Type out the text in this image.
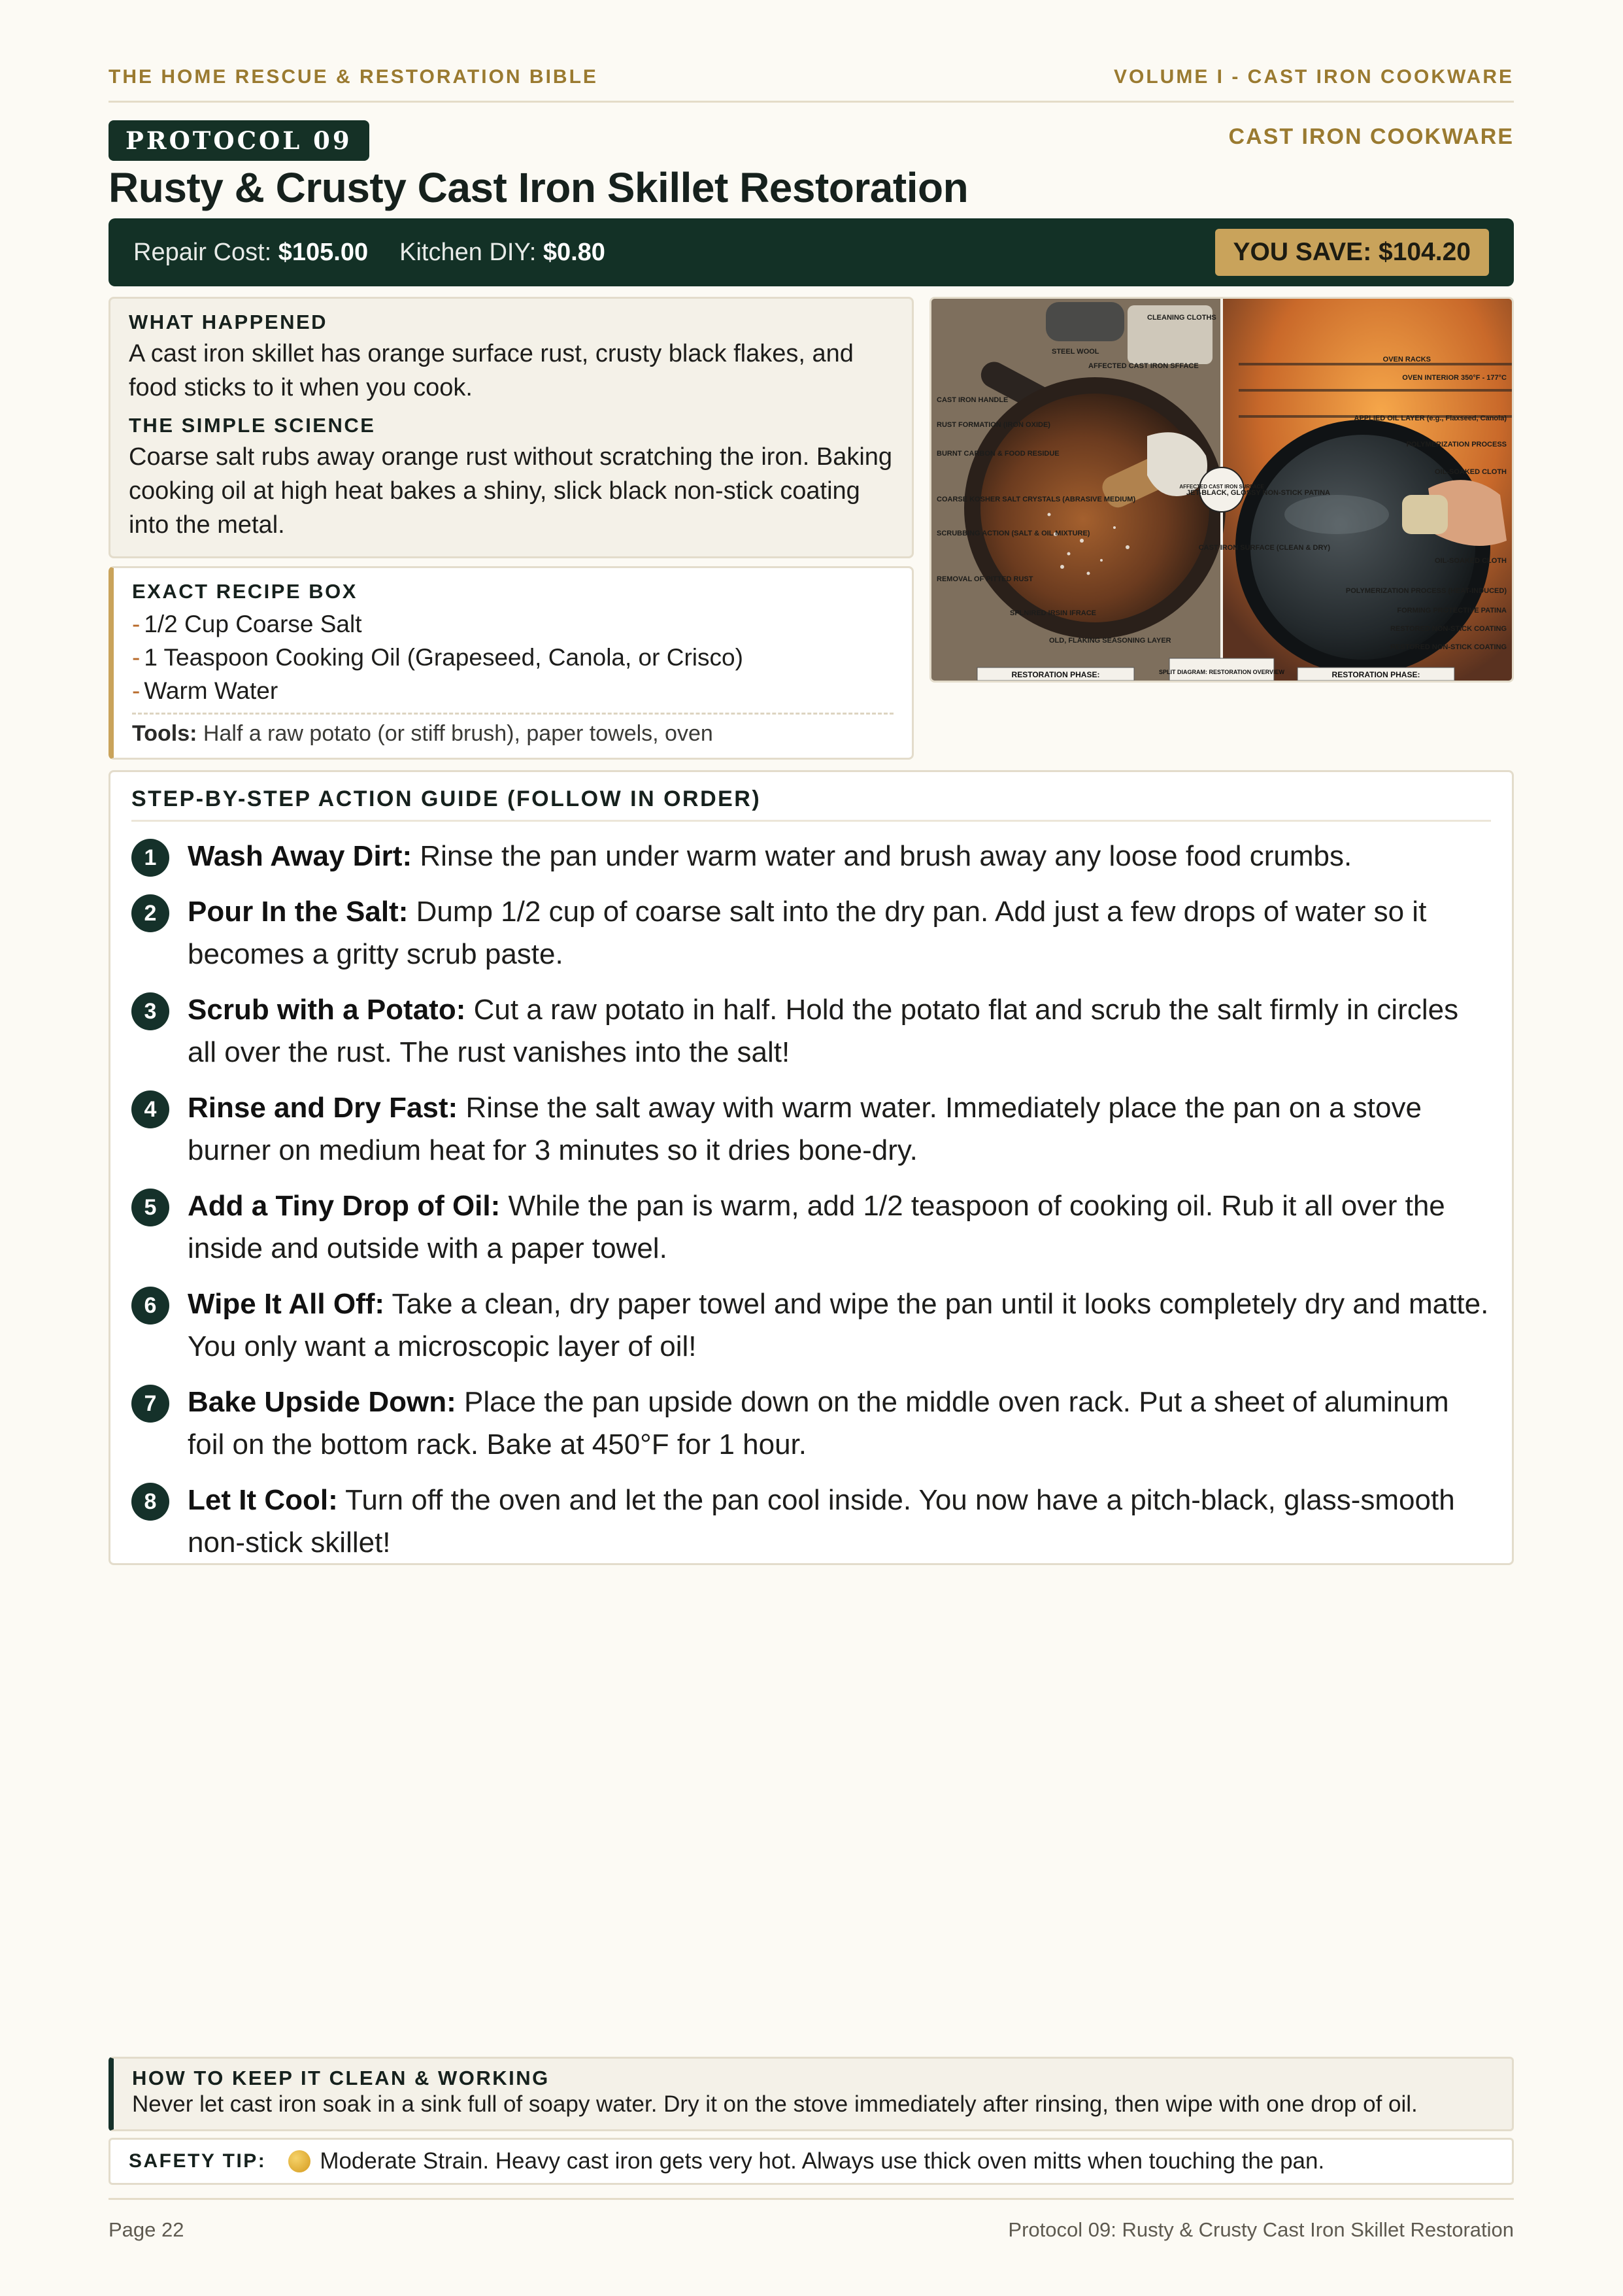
THE HOME RESCUE & RESTORATION BIBLE	VOLUME I - CAST IRON COOKWARE
PROTOCOL 09	CAST IRON COOKWARE
Rusty & Crusty Cast Iron Skillet Restoration
Repair Cost:
$105.00 Kitchen DIY:
$0.80	YOU SAVE: $104.20
WHAT HAPPENED

A cast iron skillet has orange surface rust, crusty black flakes, and food sticks to it when you cook.

THE SIMPLE SCIENCE

Coarse salt rubs away orange rust without scratching the iron. Baking cooking oil at high heat bakes a shiny, slick black non-stick coating into the metal.

EXACT RECIPE BOX
- 1/2 Cup Coarse Salt
- 1 Teaspoon Cooking Oil (Grapeseed, Canola, or Crisco)
- Warm Water
Tools: Half a raw potato (or stiff brush), paper towels, oven
STEEL WOOL
CLEANING CLOTHS
AFFECTED CAST IRON SFFACE
CAST IRON HANDLE
RUST FORMATION (IRON OXIDE)
BURNT CARBON & FOOD RESIDUE
COARSE KOSHER SALT CRYSTALS (ABRASIVE MEDIUM)
SCRUBBING ACTION (SALT & OIL MIXTURE)
REMOVAL OF PITTED RUST
SPLNIRED IRSIN IFRACE
OLD, FLAKING SEASONING LAYER
OVEN RACKS
OVEN INTERIOR 350°F - 177°C
APPLIED OIL LAYER (e.g., Flaxseed, Canola)
POLYMERIZATION PROCESS
OIL-SOAKED CLOTH
JET-BLACK, GLOSSY NON-STICK PATINA
CAST IRON SURFACE (CLEAN & DRY)
OIL-SOAKED CLOTH
POLYMERIZATION PROCESS (HEAT-INDUCED)
FORMING PROTECTIVE PATINA
RESTORED NON-STICK COATING
RESTORED NON-STICK COATING
AFFECTED CAST IRON SURFACE
RESTORATION PHASE:	SPLIT DIAGRAM: RESTORATION OVERVIEW	RESTORATION PHASE:
STEP-BY-STEP ACTION GUIDE (FOLLOW IN ORDER)
1	Wash Away Dirt: Rinse the pan under warm water and brush away any loose food crumbs.
2	Pour In the Salt: Dump 1/2 cup of coarse salt into the dry pan. Add just a few drops of water so it becomes a gritty scrub paste.
3	Scrub with a Potato: Cut a raw potato in half. Hold the potato flat and scrub the salt firmly in circles all over the rust. The rust vanishes into the salt!
4	Rinse and Dry Fast: Rinse the salt away with warm water. Immediately place the pan on a stove burner on medium heat for 3 minutes so it dries bone-dry.
5	Add a Tiny Drop of Oil: While the pan is warm, add 1/2 teaspoon of cooking oil. Rub it all over the inside and outside with a paper towel.
6	Wipe It All Off: Take a clean, dry paper towel and wipe the pan until it looks completely dry and matte. You only want a microscopic layer of oil!
7	Bake Upside Down: Place the pan upside down on the middle oven rack. Put a sheet of aluminum foil on the bottom rack. Bake at 450°F for 1 hour.
8	Let It Cool: Turn off the oven and let the pan cool inside. You now have a pitch-black, glass-smooth non-stick skillet!
HOW TO KEEP IT CLEAN & WORKING
Never let cast iron soak in a sink full of soapy water. Dry it on the stove immediately after rinsing, then wipe with one drop of oil.
SAFETY TIP: Moderate Strain. Heavy cast iron gets very hot. Always use thick oven mitts when touching the pan.
Page 22	Protocol 09: Rusty & Crusty Cast Iron Skillet Restoration
